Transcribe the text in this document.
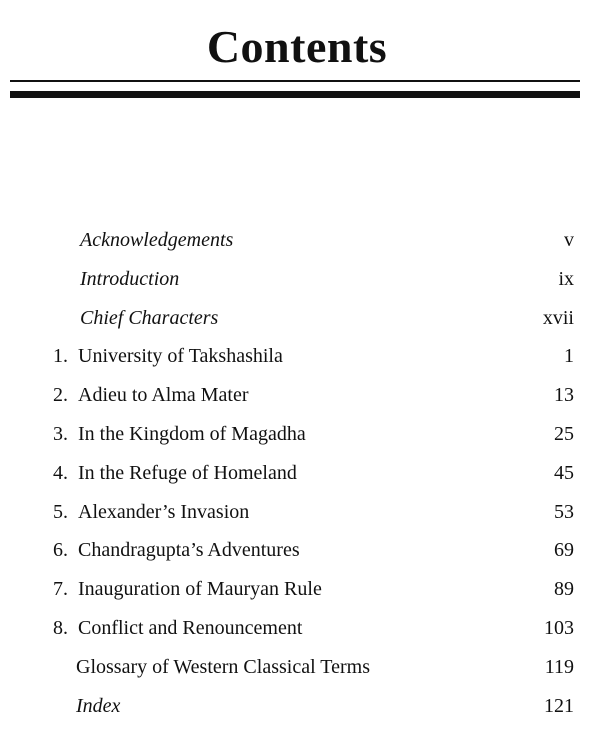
Contents
Acknowledgements	v
Introduction	ix
Chief Characters	xvii
1. University of Takshashila	1
2. Adieu to Alma Mater	13
3. In the Kingdom of Magadha	25
4. In the Refuge of Homeland	45
5. Alexander’s Invasion	53
6. Chandragupta’s Adventures	69
7. Inauguration of Mauryan Rule	89
8. Conflict and Renouncement	103
Glossary of Western Classical Terms	119
Index	121
